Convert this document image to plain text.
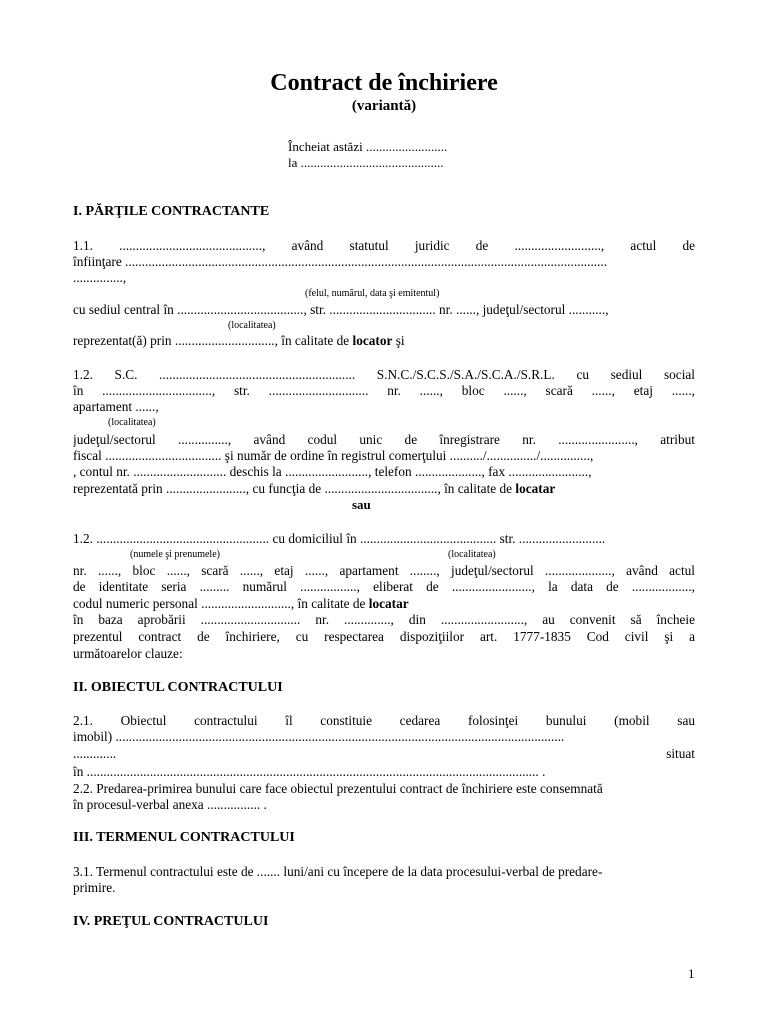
Contract de închiriere
(variantă)
Încheiat astăzi .........................
la ............................................
I. PĂRŢILE CONTRACTANTE
1.1. ..........................................., având statutul juridic de .........................., actul de
înfiinţare .................................................................................................................................................
...............,
(felul, numărul, data şi emitentul)
cu sediul central în ......................................, str. ................................ nr. ......, judeţul/sectorul ...........,
(localitatea)
reprezentat(ă) prin .............................., în calitate de locator şi
1.2. S.C. ........................................................... S.N.C./S.C.S./S.A./S.C.A./S.R.L. cu sediul social
în ................................., str. .............................. nr. ......, bloc ......, scară ......, etaj ......,
apartament ......,
(localitatea)
judeţul/sectorul ..............., având codul unic de înregistrare nr. ......................., atribut
fiscal ................................... şi număr de ordine în registrul comerţului ........../.............../...............,
, contul nr. ............................ deschis la ........................., telefon ...................., fax ........................,
reprezentată prin ........................, cu funcţia de .................................., în calitate de locatar
sau
1.2. .................................................... cu domiciliul în ......................................... str. ..........................
(numele şi prenumele)	(localitatea)
nr. ......, bloc ......, scară ......, etaj ......, apartament ........, judeţul/sectorul ...................., având actul
de identitate seria ......... numărul ................., eliberat de ........................, la data de ..................,
codul numeric personal ..........................., în calitate de locatar
în baza aprobării .............................. nr. .............., din ........................., au convenit să încheie
prezentul contract de închiriere, cu respectarea dispoziţiilor art. 1777-1835 Cod civil şi a
următoarelor clauze:
II. OBIECTUL CONTRACTULUI
2.1. Obiectul contractului îl constituie cedarea folosinţei bunului (mobil sau
imobil) .......................................................................................................................................
.............	situat
în ........................................................................................................................................ .
2.2. Predarea-primirea bunului care face obiectul prezentului contract de închiriere este consemnată
în procesul-verbal anexa ................ .
III. TERMENUL CONTRACTULUI
3.1. Termenul contractului este de ....... luni/ani cu începere de la data procesului-verbal de predare-
primire.
IV. PREŢUL CONTRACTULUI
1
